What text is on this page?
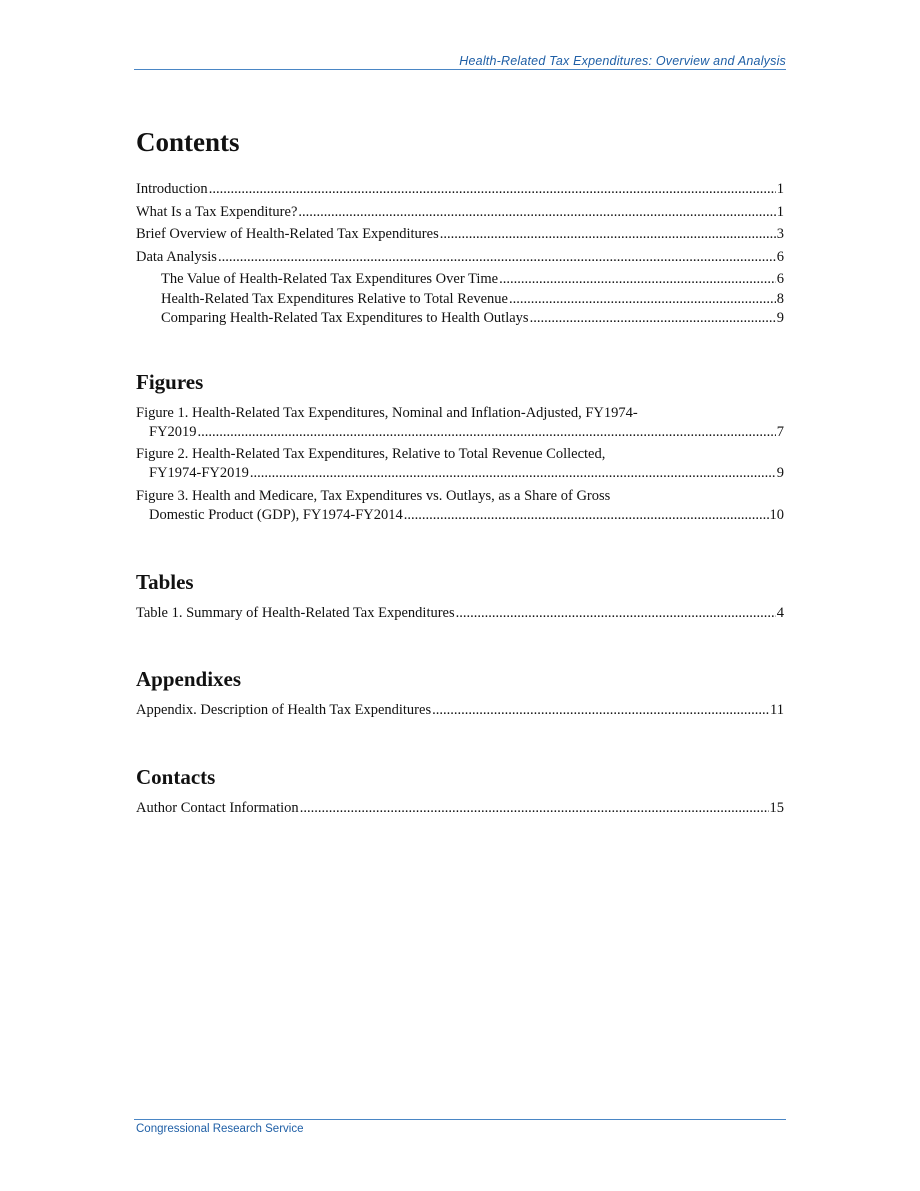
Health-Related Tax Expenditures: Overview and Analysis
Contents
Introduction .....	1
What Is a Tax Expenditure? .....	1
Brief Overview of Health-Related Tax Expenditures .....	3
Data Analysis .....	6
The Value of Health-Related Tax Expenditures Over Time .....	6
Health-Related Tax Expenditures Relative to Total Revenue .....	8
Comparing Health-Related Tax Expenditures to Health Outlays .....	9
Figures
Figure 1. Health-Related Tax Expenditures, Nominal and Inflation-Adjusted, FY1974-
FY2019 .....	7
Figure 2. Health-Related Tax Expenditures, Relative to Total Revenue Collected,
FY1974-FY2019 .....	9
Figure 3. Health and Medicare, Tax Expenditures vs. Outlays, as a Share of Gross
Domestic Product (GDP), FY1974-FY2014 .....	10
Tables
Table 1. Summary of Health-Related Tax Expenditures .....	4
Appendixes
Appendix. Description of Health Tax Expenditures .....	11
Contacts
Author Contact Information .....	15
Congressional Research Service
